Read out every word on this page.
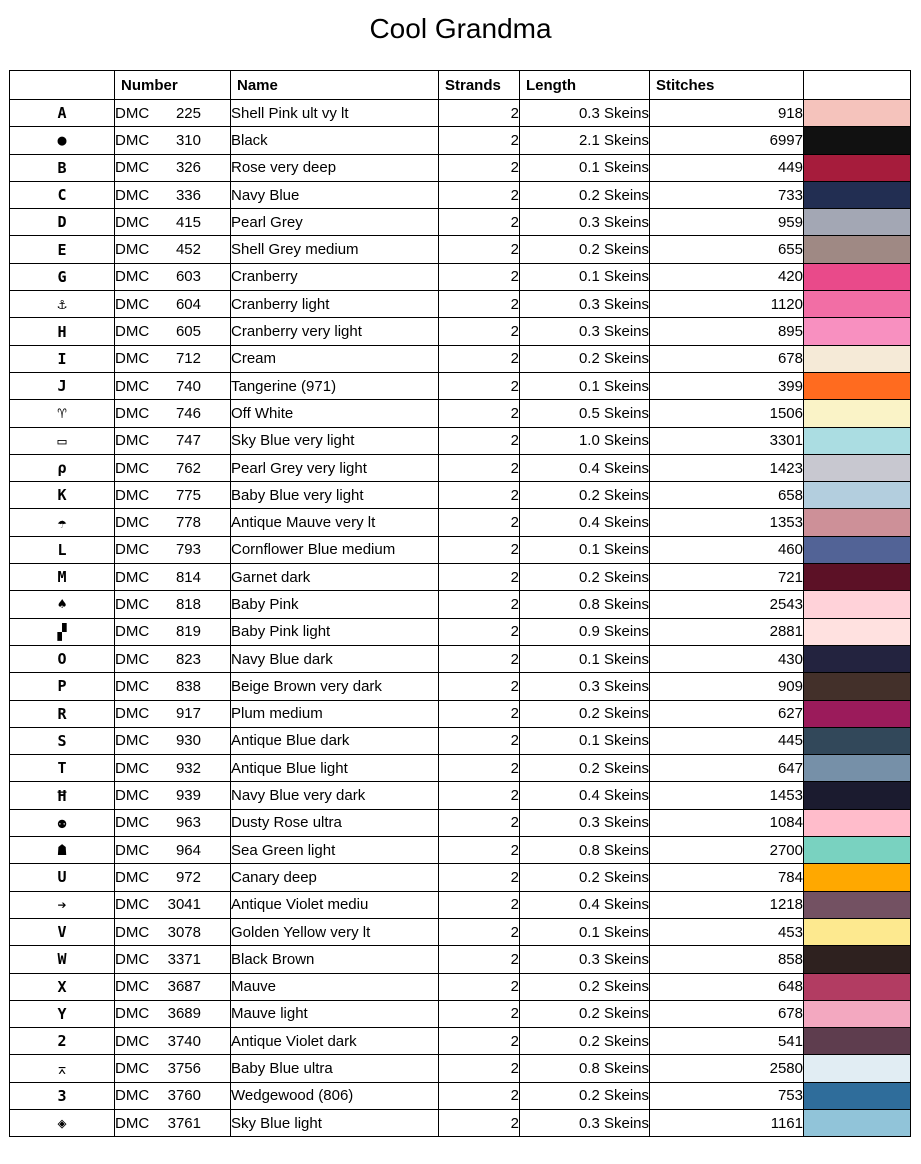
Cool Grandma
	Number	Name	Strands	Length	Stitches	
A	DMC 225	Shell Pink ult vy lt	2	0.3 Skeins	918	

●	DMC 310	Black	2	2.1 Skeins	6997	

B	DMC 326	Rose very deep	2	0.1 Skeins	449	

C	DMC 336	Navy Blue	2	0.2 Skeins	733	

D	DMC 415	Pearl Grey	2	0.3 Skeins	959	

E	DMC 452	Shell Grey medium	2	0.2 Skeins	655	

G	DMC 603	Cranberry	2	0.1 Skeins	420	

⚓	DMC 604	Cranberry light	2	0.3 Skeins	1120	

H	DMC 605	Cranberry very light	2	0.3 Skeins	895	

I	DMC 712	Cream	2	0.2 Skeins	678	

J	DMC 740	Tangerine (971)	2	0.1 Skeins	399	

♈	DMC 746	Off White	2	0.5 Skeins	1506	

▭	DMC 747	Sky Blue very light	2	1.0 Skeins	3301	

ρ	DMC 762	Pearl Grey very light	2	0.4 Skeins	1423	

K	DMC 775	Baby Blue very light	2	0.2 Skeins	658	

☂	DMC 778	Antique Mauve very lt	2	0.4 Skeins	1353	

L	DMC 793	Cornflower Blue medium	2	0.1 Skeins	460	

M	DMC 814	Garnet dark	2	0.2 Skeins	721	

♠	DMC 818	Baby Pink	2	0.8 Skeins	2543	

▞	DMC 819	Baby Pink light	2	0.9 Skeins	2881	

O	DMC 823	Navy Blue dark	2	0.1 Skeins	430	

P	DMC 838	Beige Brown very dark	2	0.3 Skeins	909	

R	DMC 917	Plum medium	2	0.2 Skeins	627	

S	DMC 930	Antique Blue dark	2	0.1 Skeins	445	

T	DMC 932	Antique Blue light	2	0.2 Skeins	647	

Ħ	DMC 939	Navy Blue very dark	2	0.4 Skeins	1453	

⚉	DMC 963	Dusty Rose ultra	2	0.3 Skeins	1084	

☗	DMC 964	Sea Green light	2	0.8 Skeins	2700	

U	DMC 972	Canary deep	2	0.2 Skeins	784	

➔	DMC 3041	Antique Violet mediu	2	0.4 Skeins	1218	

V	DMC 3078	Golden Yellow very lt	2	0.1 Skeins	453	

W	DMC 3371	Black Brown	2	0.3 Skeins	858	

X	DMC 3687	Mauve	2	0.2 Skeins	648	

Y	DMC 3689	Mauve light	2	0.2 Skeins	678	

2	DMC 3740	Antique Violet dark	2	0.2 Skeins	541	

⌅	DMC 3756	Baby Blue ultra	2	0.8 Skeins	2580	

3	DMC 3760	Wedgewood (806)	2	0.2 Skeins	753	

◈	DMC 3761	Sky Blue light	2	0.3 Skeins	1161	
